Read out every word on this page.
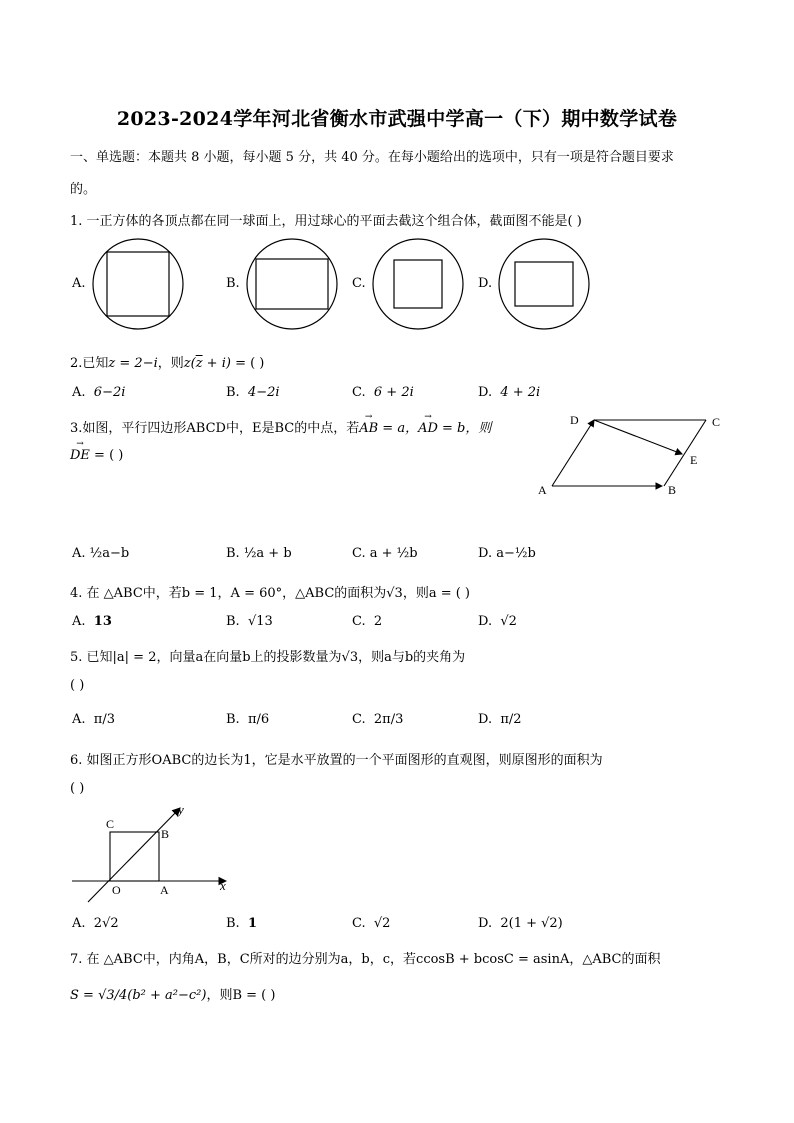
2023-2024学年河北省衡水市武强中学高一（下）期中数学试卷
一、单选题：本题共 8 小题，每小题 5 分，共 40 分。在每小题给出的选项中，只有一项是符合题目要求
的。
1. 一正方体的各顶点都在同一球面上，用过球心的平面去截这个组合体，截面图不能是( )
A.	B.	C.	D.
2.已知z = 2−i，则$z(\overline{z} + i)$ = ( )
A.  6−2i	B.  4−2i	C.  6 + 2i	D.  4 + 2i
3.如图，平行四边形ABCD中，E是BC的中点，若→ AB = a，→ AD = b，则
→ DE = ( )
D	C
E
A	B
A. ½a−b	B. ½a + b	C. a + ½b	D. a−½b
4. 在 △ABC中，若b = 1，A = 60°，△ABC的面积为√3，则a = ( )
A.  13	B.  √13	C.  2	D.  √2
5. 已知|a| = 2，向量a在向量b上的投影数量为√3，则a与b的夹角为
( )
A.  π/3	B.  π/6	C.  2π/3	D.  π/2
6. 如图正方形OABC的边长为1，它是水平放置的一个平面图形的直观图，则原图形的面积为
( )
C
B
O	A	x
y
A.  2√2	B.  1	C.  √2	D.  2(1 + √2)
7. 在 △ABC中，内角A，B，C所对的边分别为a，b，c，若ccosB + bcosC = asinA，△ABC的面积
S = √3/4(b² + a²−c²)，则B = ( )
